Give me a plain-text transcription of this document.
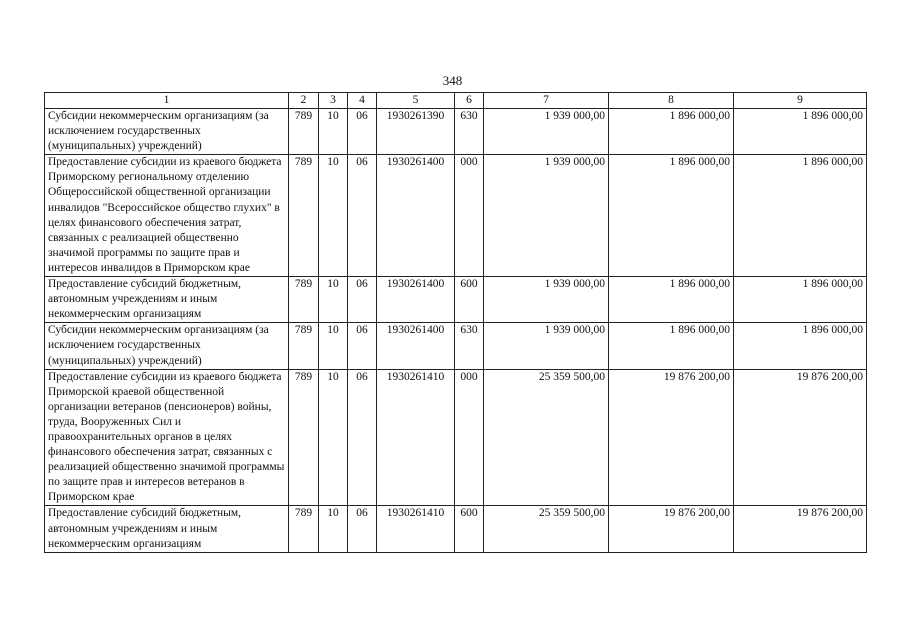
348
1	2	3	4	5	6	7	8	9
Субсидии некоммерческим организациям (за исключением государственных (муниципальных) учреждений)	789	10	06	1930261390	630	1 939 000,00	1 896 000,00	1 896 000,00
Предоставление субсидии из краевого бюджета Приморскому региональному отделению Общероссийской общественной организации инвалидов "Всероссийское общество глухих" в целях финансового обеспечения затрат, связанных с реализацией общественно значимой программы по защите прав и интересов инвалидов в Приморском крае	789	10	06	1930261400	000	1 939 000,00	1 896 000,00	1 896 000,00
Предоставление субсидий бюджетным, автономным учреждениям и иным некоммерческим организациям	789	10	06	1930261400	600	1 939 000,00	1 896 000,00	1 896 000,00
Субсидии некоммерческим организациям (за исключением государственных (муниципальных) учреждений)	789	10	06	1930261400	630	1 939 000,00	1 896 000,00	1 896 000,00
Предоставление субсидии из краевого бюджета Приморской краевой общественной организации ветеранов (пенсионеров) войны, труда, Вооруженных Сил и правоохранительных органов в целях финансового обеспечения затрат, связанных с реализацией общественно значимой программы по защите прав и интересов ветеранов в Приморском крае	789	10	06	1930261410	000	25 359 500,00	19 876 200,00	19 876 200,00
Предоставление субсидий бюджетным, автономным учреждениям и иным некоммерческим организациям	789	10	06	1930261410	600	25 359 500,00	19 876 200,00	19 876 200,00
